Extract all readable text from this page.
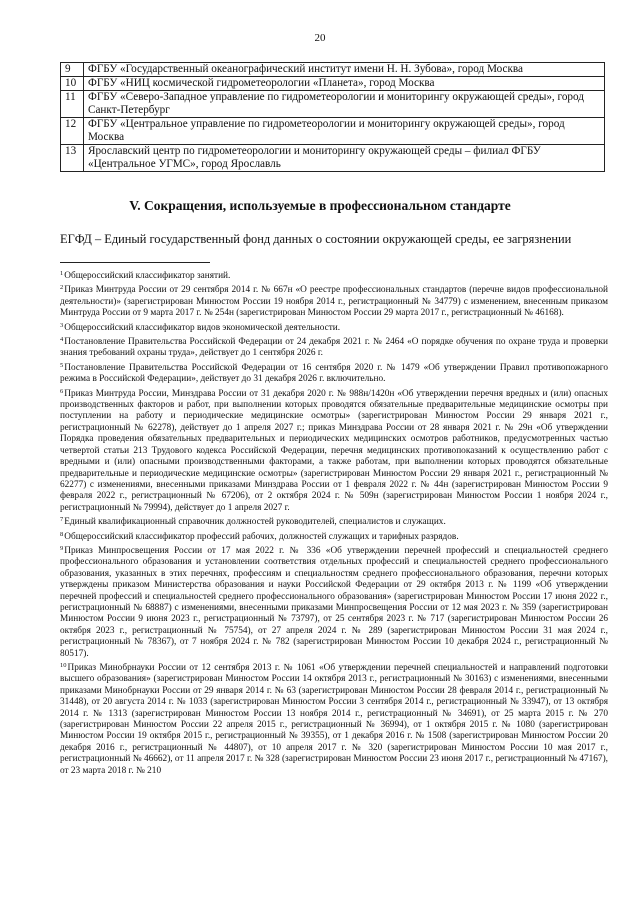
20
9	ФГБУ «Государственный океанографический институт имени Н. Н. Зубова», город Москва
10	ФГБУ «НИЦ космической гидрометеорологии «Планета», город Москва
11	ФГБУ «Северо-Западное управление по гидрометеорологии и мониторингу окружающей среды», город Санкт-Петербург
12	ФГБУ «Центральное управление по гидрометеорологии и мониторингу окружающей среды», город Москва
13	Ярославский центр по гидрометеорологии и мониторингу окружающей среды – филиал ФГБУ «Центральное УГМС», город Ярославль
V. Сокращения, используемые в профессиональном стандарте
ЕГФД – Единый государственный фонд данных о состоянии окружающей среды, ее загрязнении

$^1$Общероссийский классификатор занятий.

$^2$Приказ Минтруда России от 29 сентября 2014 г. № 667н «О реестре профессиональных стандартов (перечне видов профессиональной деятельности)» (зарегистрирован Минюстом России 19 ноября 2014 г., регистрационный № 34779) с изменением, внесенным приказом Минтруда России от 9 марта 2017 г. № 254н (зарегистрирован Минюстом России 29 марта 2017 г., регистрационный № 46168).

$^3$Общероссийский классификатор видов экономической деятельности.

$^4$Постановление Правительства Российской Федерации от 24 декабря 2021 г. № 2464 «О порядке обучения по охране труда и проверки знания требований охраны труда», действует до 1 сентября 2026 г.

$^5$Постановление Правительства Российской Федерации от 16 сентября 2020 г. № 1479 «Об утверждении Правил противопожарного режима в Российской Федерации», действует до 31 декабря 2026 г. включительно.

$^6$Приказ Минтруда России, Минздрава России от 31 декабря 2020 г. № 988н/1420н «Об утверждении перечня вредных и (или) опасных производственных факторов и работ, при выполнении которых проводятся обязательные предварительные медицинские осмотры при поступлении на работу и периодические медицинские осмотры» (зарегистрирован Минюстом России 29 января 2021 г., регистрационный № 62278), действует до 1 апреля 2027 г.; приказ Минздрава России от 28 января 2021 г. № 29н «Об утверждении Порядка проведения обязательных предварительных и периодических медицинских осмотров работников, предусмотренных частью четвертой статьи 213 Трудового кодекса Российской Федерации, перечня медицинских противопоказаний к осуществлению работ с вредными и (или) опасными производственными факторами, а также работам, при выполнении которых проводятся обязательные предварительные и периодические медицинские осмотры» (зарегистрирован Минюстом России 29 января 2021 г., регистрационный № 62277) с изменениями, внесенными приказами Минздрава России от 1 февраля 2022 г. № 44н (зарегистрирован Минюстом России 9 февраля 2022 г., регистрационный № 67206), от 2 октября 2024 г. № 509н (зарегистрирован Минюстом России 1 ноября 2024 г., регистрационный № 79994), действует до 1 апреля 2027 г.

$^7$Единый квалификационный справочник должностей руководителей, специалистов и служащих.

$^8$Общероссийский классификатор профессий рабочих, должностей служащих и тарифных разрядов.

$^9$Приказ Минпросвещения России от 17 мая 2022 г. № 336 «Об утверждении перечней профессий и специальностей среднего профессионального образования и установлении соответствия отдельных профессий и специальностей среднего профессионального образования, указанных в этих перечнях, профессиям и специальностям среднего профессионального образования, перечни которых утверждены приказом Министерства образования и науки Российской Федерации от 29 октября 2013 г. № 1199 «Об утверждении перечней профессий и специальностей среднего профессионального образования» (зарегистрирован Минюстом России 17 июня 2022 г., регистрационный № 68887) с изменениями, внесенными приказами Минпросвещения России от 12 мая 2023 г. № 359 (зарегистрирован Минюстом России 9 июня 2023 г., регистрационный № 73797), от 25 сентября 2023 г. № 717 (зарегистрирован Минюстом России 26 октября 2023 г., регистрационный № 75754), от 27 апреля 2024 г. № 289 (зарегистрирован Минюстом России 31 мая 2024 г., регистрационный № 78367), от 7 ноября 2024 г. № 782 (зарегистрирован Минюстом России 10 декабря 2024 г., регистрационный № 80517).

$^{10}$Приказ Минобрнауки России от 12 сентября 2013 г. № 1061 «Об утверждении перечней специальностей и направлений подготовки высшего образования» (зарегистрирован Минюстом России 14 октября 2013 г., регистрационный № 30163) с изменениями, внесенными приказами Минобрнауки России от 29 января 2014 г. № 63 (зарегистрирован Минюстом России 28 февраля 2014 г., регистрационный № 31448), от 20 августа 2014 г. № 1033 (зарегистрирован Минюстом России 3 сентября 2014 г., регистрационный № 33947), от 13 октября 2014 г. № 1313 (зарегистрирован Минюстом России 13 ноября 2014 г., регистрационный № 34691), от 25 марта 2015 г. № 270 (зарегистрирован Минюстом России 22 апреля 2015 г., регистрационный № 36994), от 1 октября 2015 г. № 1080 (зарегистрирован Минюстом России 19 октября 2015 г., регистрационный № 39355), от 1 декабря 2016 г. № 1508 (зарегистрирован Минюстом России 20 декабря 2016 г., регистрационный № 44807), от 10 апреля 2017 г. № 320 (зарегистрирован Минюстом России 10 мая 2017 г., регистрационный № 46662), от 11 апреля 2017 г. № 328 (зарегистрирован Минюстом России 23 июня 2017 г., регистрационный № 47167), от 23 марта 2018 г. № 210
